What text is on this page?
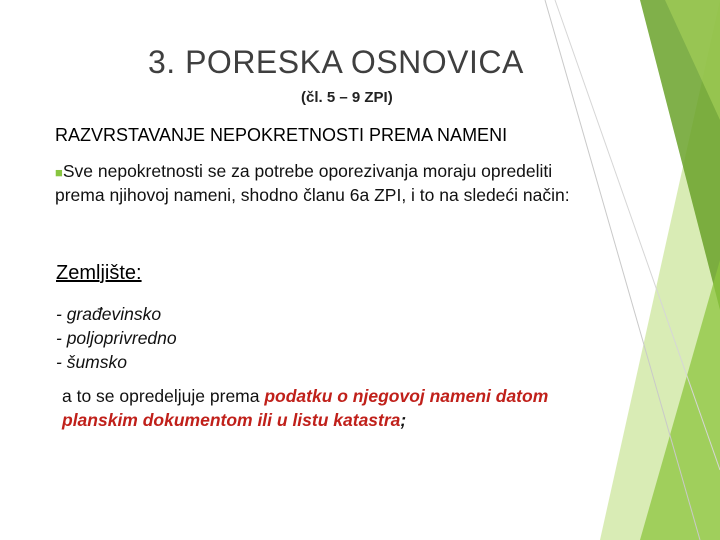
3. PORESKA OSNOVICA
(čl. 5 – 9 ZPI)
RAZVRSTAVANJE NEPOKRETNOSTI PREMA NAMENI
■Sve nepokretnosti se za potrebe oporezivanja moraju opredeliti prema njihovoj nameni, shodno članu 6a ZPI, i to na sledeći način:
Zemljište:
- građevinsko
- poljoprivredno
- šumsko
a to se opredeljuje prema podatku o njegovoj nameni datom planskim dokumentom ili u listu katastra;
